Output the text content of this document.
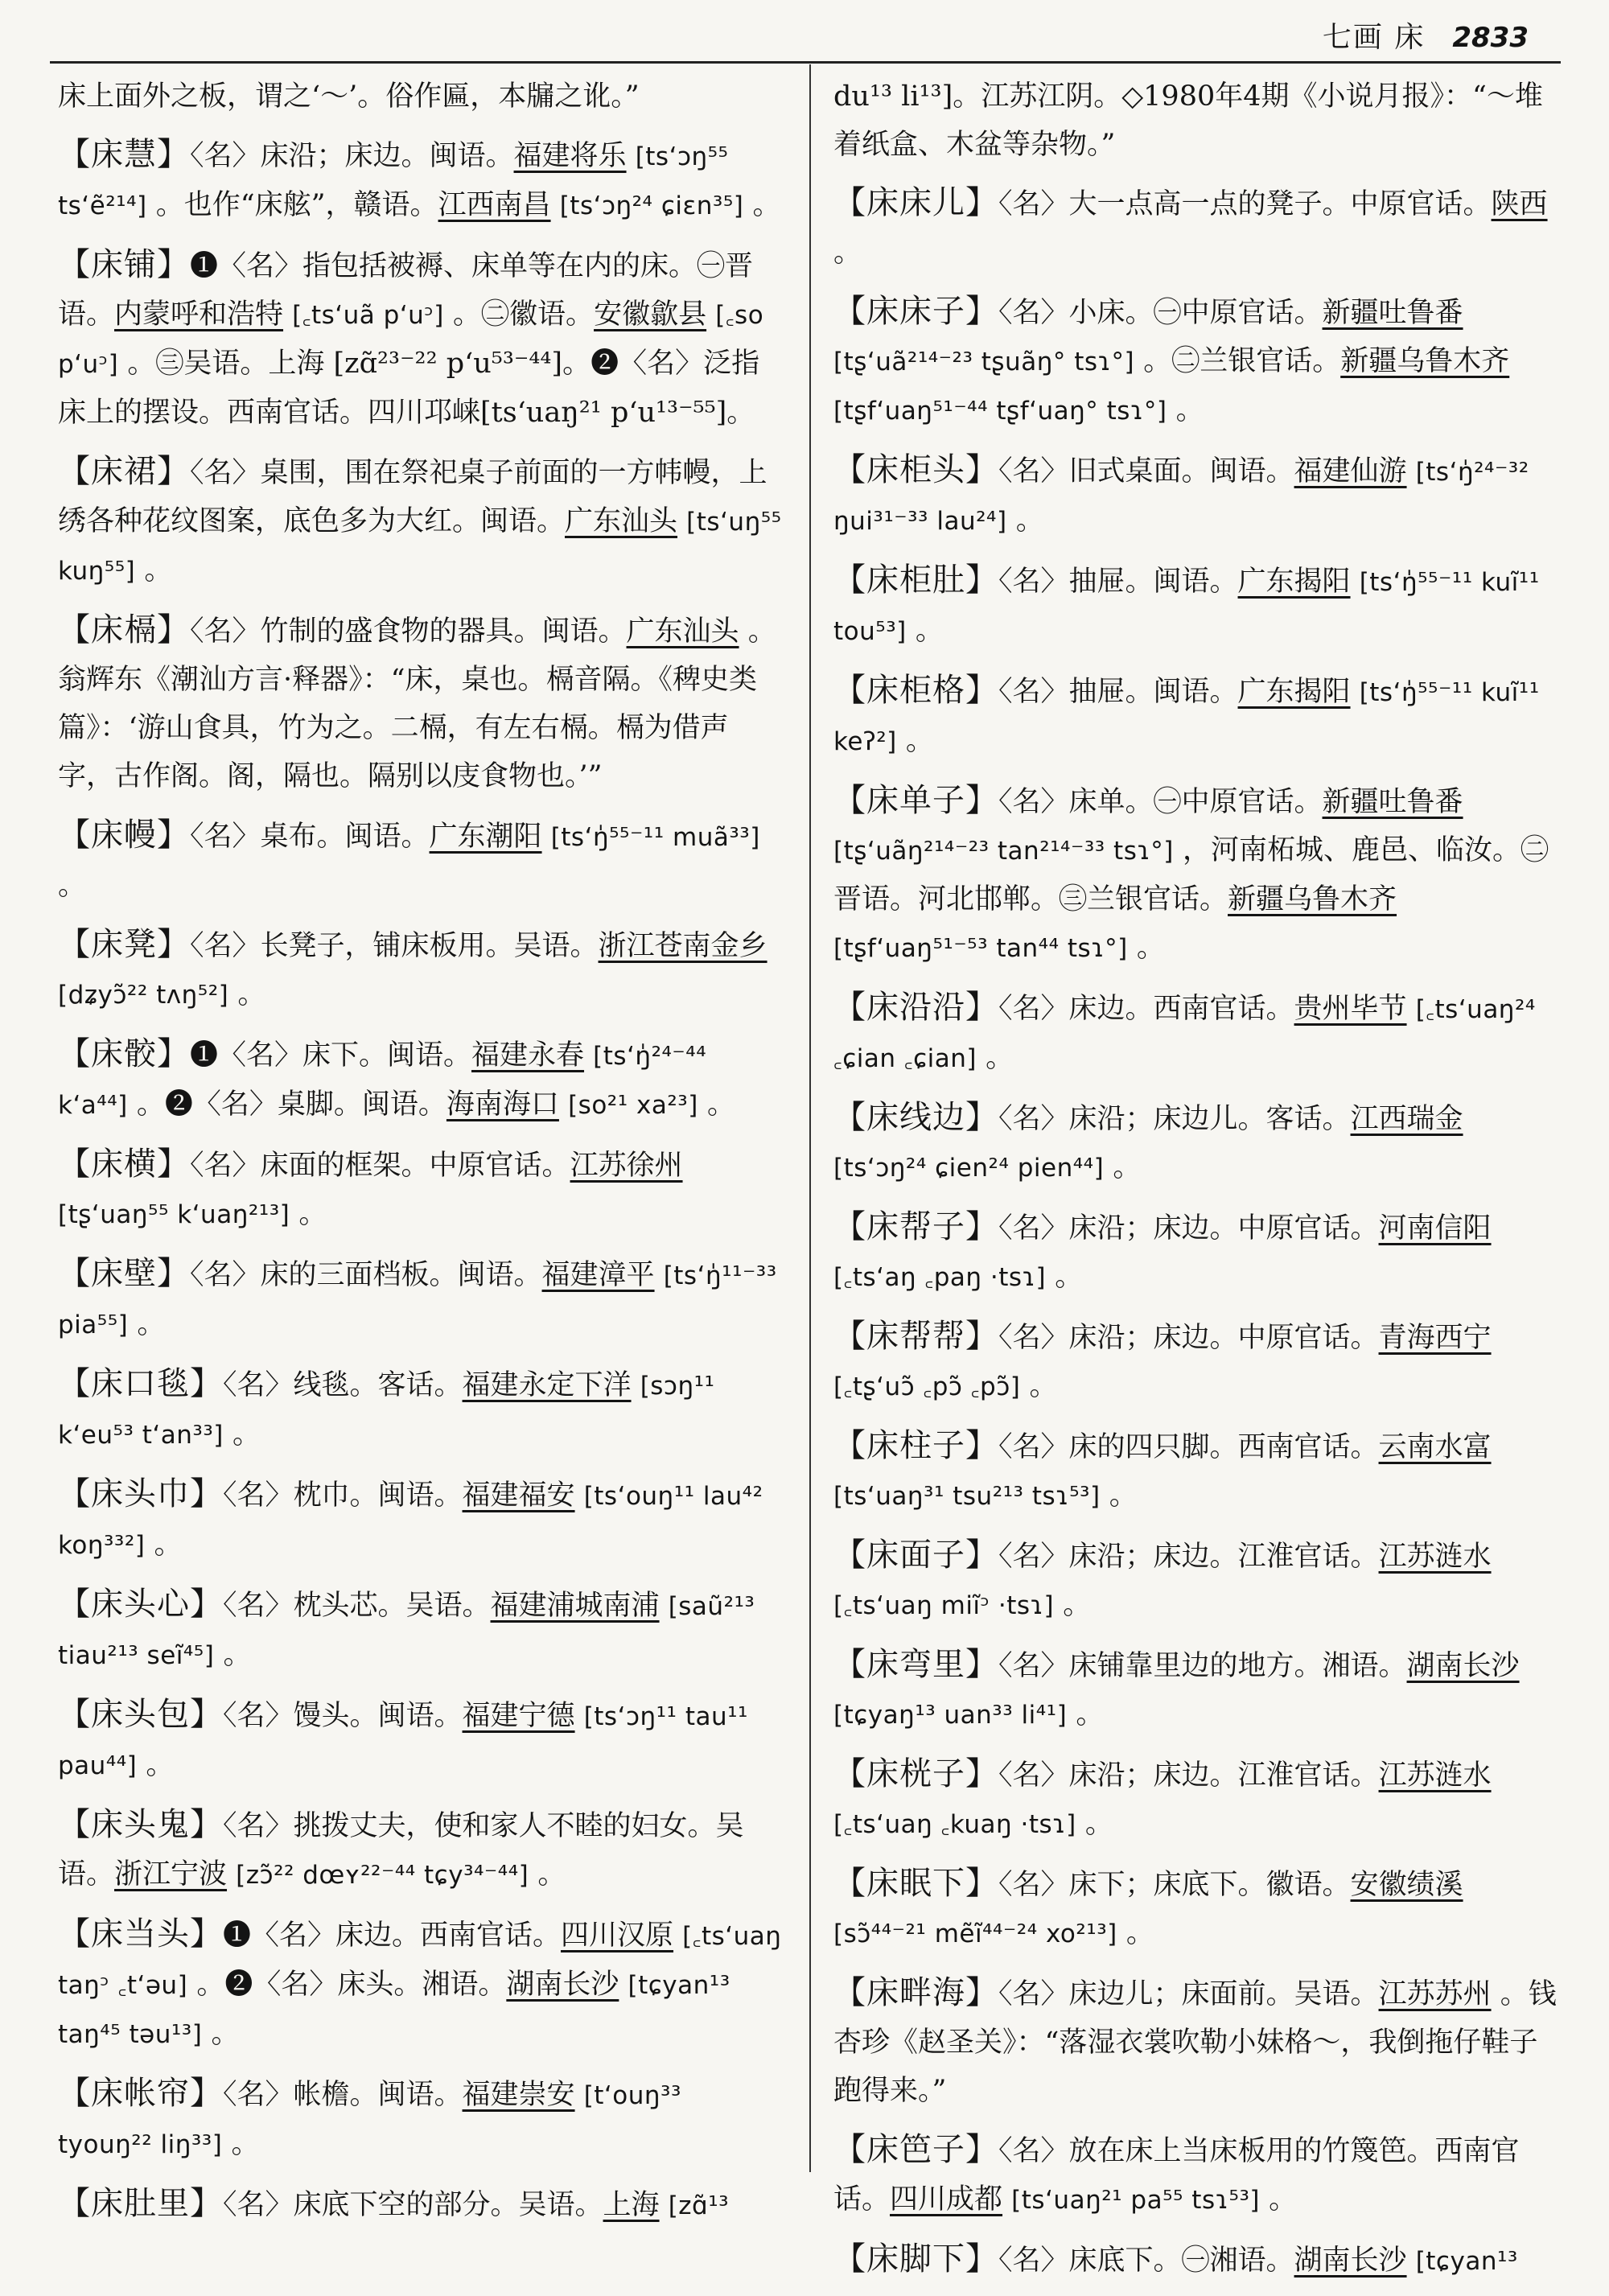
七画 床 2833

床上面外之板，谓之‘～’。俗作匾，本牖之讹。”

【床慧】〈名〉床沿；床边。闽语。福建将乐 [tsʻɔŋ⁵⁵ tsʻẽ²¹⁴] 。也作“床舷”，赣语。江西南昌 [tsʻɔŋ²⁴ ɕiɛn³⁵] 。

【床铺】❶〈名〉指包括被褥、床单等在内的床。㊀晋语。内蒙呼和浩特 [꜀tsʻuã pʻuᵓ] 。㊁徽语。安徽歙县 [꜀so pʻuᵓ] 。㊂吴语。上海 [zɑ̃²³⁻²² pʻu⁵³⁻⁴⁴]。❷〈名〉泛指床上的摆设。西南官话。四川邛崃[tsʻuaŋ²¹ pʻu¹³⁻⁵⁵]。

【床裙】〈名〉桌围，围在祭祀桌子前面的一方帏幔，上绣各种花纹图案，底色多为大红。闽语。广东汕头 [tsʻuŋ⁵⁵ kuŋ⁵⁵] 。

【床槅】〈名〉竹制的盛食物的器具。闽语。广东汕头 。翁辉东《潮汕方言·释器》：“床，桌也。槅音隔。《稗史类篇》：‘游山食具，竹为之。二槅，有左右槅。槅为借声字，古作阁。阁，隔也。隔别以庋食物也。’”

【床幔】〈名〉桌布。闽语。广东潮阳 [tsʻŋ̍⁵⁵⁻¹¹ muã³³] 。

【床凳】〈名〉长凳子，铺床板用。吴语。浙江苍南金乡 [dʑyɔ̃²² tʌŋ⁵²] 。

【床骹】❶〈名〉床下。闽语。福建永春 [tsʻŋ̍²⁴⁻⁴⁴ kʻa⁴⁴] 。❷〈名〉桌脚。闽语。海南海口 [so²¹ xa²³] 。

【床横】〈名〉床面的框架。中原官话。江苏徐州 [tʂʻuaŋ⁵⁵ kʻuaŋ²¹³] 。

【床壁】〈名〉床的三面档板。闽语。福建漳平 [tsʻŋ̍¹¹⁻³³ pia⁵⁵] 。

【床口毯】〈名〉线毯。客话。福建永定下洋 [sɔŋ¹¹ kʻeu⁵³ tʻan³³] 。

【床头巾】〈名〉枕巾。闽语。福建福安 [tsʻouŋ¹¹ lau⁴² koŋ³³²] 。

【床头心】〈名〉枕头芯。吴语。福建浦城南浦 [saũ²¹³ tiau²¹³ seĩ⁴⁵] 。

【床头包】〈名〉馒头。闽语。福建宁德 [tsʻɔŋ¹¹ tau¹¹ pau⁴⁴] 。

【床头鬼】〈名〉挑拨丈夫，使和家人不睦的妇女。吴语。浙江宁波 [zɔ̃²² dœʏ²²⁻⁴⁴ tɕy³⁴⁻⁴⁴] 。

【床当头】❶〈名〉床边。西南官话。四川汉原 [꜀tsʻuaŋ taŋᵓ ꜀tʻəu] 。❷〈名〉床头。湘语。湖南长沙 [tɕyan¹³ taŋ⁴⁵ təu¹³] 。

【床帐帘】〈名〉帐檐。闽语。福建崇安 [tʻouŋ³³ tyouŋ²² liŋ³³] 。

【床肚里】〈名〉床底下空的部分。吴语。上海 [zɑ̃¹³

du¹³ li¹³]。江苏江阴。◇1980年4期《小说月报》：“～堆着纸盒、木盆等杂物。”

【床床儿】〈名〉大一点高一点的凳子。中原官话。陕西 。

【床床子】〈名〉小床。㊀中原官话。新疆吐鲁番 [tʂʻuã²¹⁴⁻²³ tʂuãŋ° tsɿ°] 。㊁兰银官话。新疆乌鲁木齐 [tʂfʻuaŋ⁵¹⁻⁴⁴ tʂfʻuaŋ° tsɿ°] 。

【床柜头】〈名〉旧式桌面。闽语。福建仙游 [tsʻŋ̍²⁴⁻³² ŋui³¹⁻³³ lau²⁴] 。

【床柜肚】〈名〉抽屉。闽语。广东揭阳 [tsʻŋ̍⁵⁵⁻¹¹ kuĩ¹¹ tou⁵³] 。

【床柜格】〈名〉抽屉。闽语。广东揭阳 [tsʻŋ̍⁵⁵⁻¹¹ kuĩ¹¹ keʔ²] 。

【床单子】〈名〉床单。㊀中原官话。新疆吐鲁番 [tʂʻuãŋ²¹⁴⁻²³ tan²¹⁴⁻³³ tsɿ°] ，河南柘城、鹿邑、临汝。㊁晋语。河北邯郸。㊂兰银官话。新疆乌鲁木齐 [tʂfʻuaŋ⁵¹⁻⁵³ tan⁴⁴ tsɿ°] 。

【床沿沿】〈名〉床边。西南官话。贵州毕节 [꜀tsʻuaŋ²⁴ ꜀ɕian ꜀ɕian] 。

【床线边】〈名〉床沿；床边儿。客话。江西瑞金 [tsʻɔŋ²⁴ ɕien²⁴ pien⁴⁴] 。

【床帮子】〈名〉床沿；床边。中原官话。河南信阳 [꜀tsʻaŋ ꜀paŋ ·tsɿ] 。

【床帮帮】〈名〉床沿；床边。中原官话。青海西宁 [꜀tʂʻuɔ̃ ꜀pɔ̃ ꜀pɔ̃] 。

【床柱子】〈名〉床的四只脚。西南官话。云南水富 [tsʻuaŋ³¹ tsu²¹³ tsɿ⁵³] 。

【床面子】〈名〉床沿；床边。江淮官话。江苏涟水 [꜀tsʻuaŋ miĩᵓ ·tsɿ] 。

【床弯里】〈名〉床铺靠里边的地方。湘语。湖南长沙 [tɕyaŋ¹³ uan³³ li⁴¹] 。

【床桄子】〈名〉床沿；床边。江淮官话。江苏涟水 [꜀tsʻuaŋ ꜀kuaŋ ·tsɿ] 。

【床眠下】〈名〉床下；床底下。徽语。安徽绩溪 [sɔ̃⁴⁴⁻²¹ mẽĩ⁴⁴⁻²⁴ xo²¹³] 。

【床畔海】〈名〉床边儿；床面前。吴语。江苏苏州 。钱杏珍《赵圣关》：“落湿衣裳吹勒小妹格～，我倒拖仔鞋子跑得来。”

【床笆子】〈名〉放在床上当床板用的竹篾笆。西南官话。四川成都 [tsʻuaŋ²¹ pa⁵⁵ tsɿ⁵³] 。

【床脚下】〈名〉床底下。㊀湘语。湖南长沙 [tɕyan¹³
